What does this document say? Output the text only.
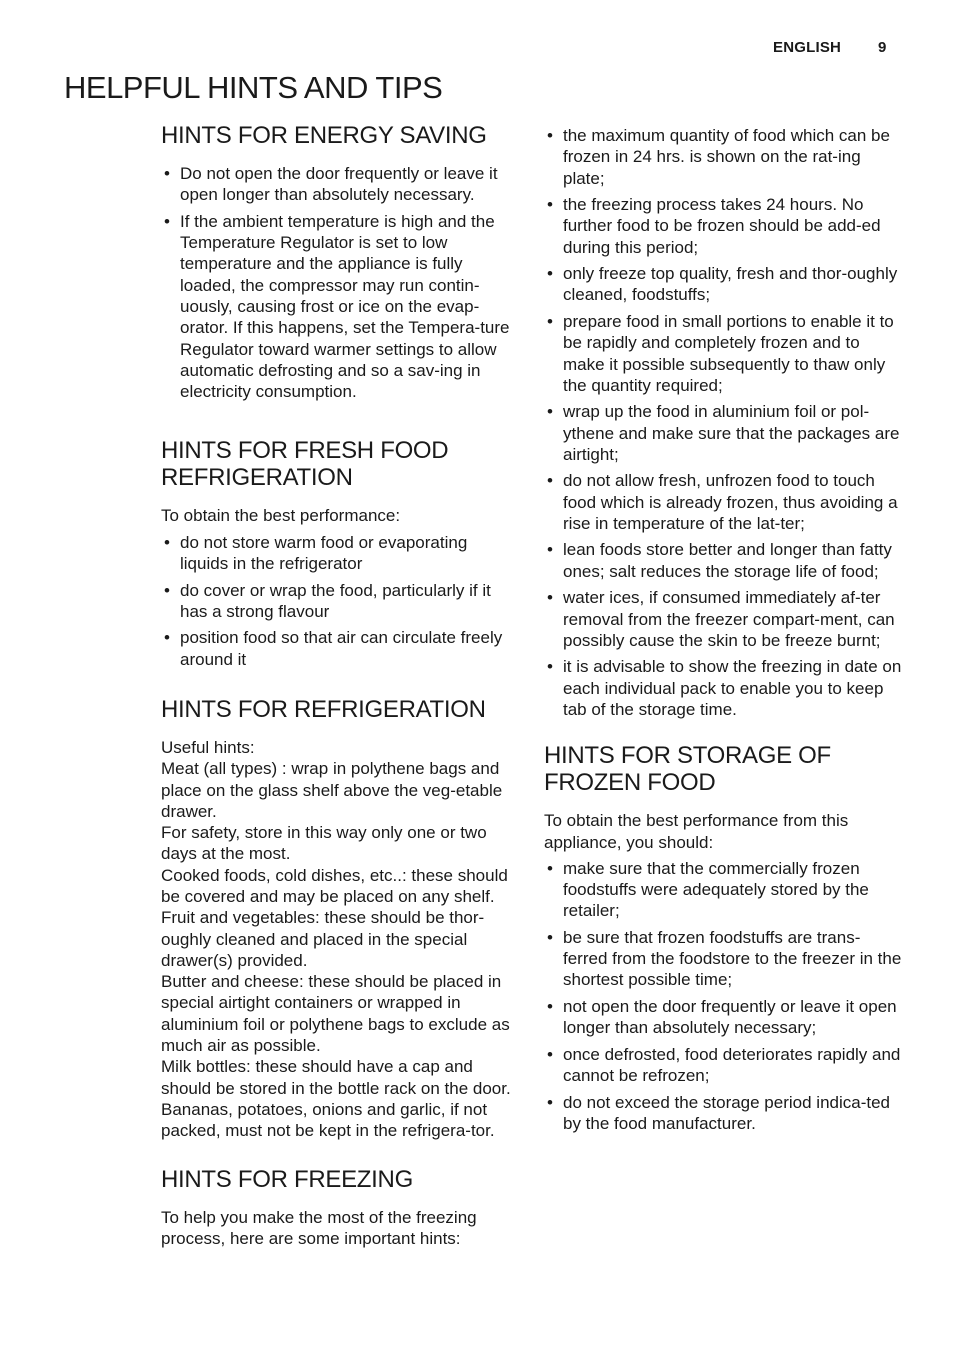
ENGLISH 9
HELPFUL HINTS AND TIPS
HINTS FOR ENERGY SAVING
• Do not open the door frequently or leave it open longer than absolutely necessary.
• If the ambient temperature is high and the Temperature Regulator is set to low temperature and the appliance is fully loaded, the compressor may run contin-uously, causing frost or ice on the evap-orator. If this happens, set the Tempera-ture Regulator toward warmer settings to allow automatic defrosting and so a sav-ing in electricity consumption.
HINTS FOR FRESH FOOD REFRIGERATION

To obtain the best performance:

• do not store warm food or evaporating liquids in the refrigerator
• do cover or wrap the food, particularly if it has a strong flavour
• position food so that air can circulate freely around it
HINTS FOR REFRIGERATION

Useful hints:

Meat (all types) : wrap in polythene bags and place on the glass shelf above the veg-etable drawer.

For safety, store in this way only one or two days at the most.

Cooked foods, cold dishes, etc..: these should be covered and may be placed on any shelf.

Fruit and vegetables: these should be thor-oughly cleaned and placed in the special drawer(s) provided.

Butter and cheese: these should be placed in special airtight containers or wrapped in aluminium foil or polythene bags to exclude as much air as possible.

Milk bottles: these should have a cap and should be stored in the bottle rack on the door.

Bananas, potatoes, onions and garlic, if not packed, must not be kept in the refrigera-tor.

HINTS FOR FREEZING

To help you make the most of the freezing process, here are some important hints:

• the maximum quantity of food which can be frozen in 24 hrs. is shown on the rat-ing plate;
• the freezing process takes 24 hours. No further food to be frozen should be add-ed during this period;
• only freeze top quality, fresh and thor-oughly cleaned, foodstuffs;
• prepare food in small portions to enable it to be rapidly and completely frozen and to make it possible subsequently to thaw only the quantity required;
• wrap up the food in aluminium foil or pol-ythene and make sure that the packages are airtight;
• do not allow fresh, unfrozen food to touch food which is already frozen, thus avoiding a rise in temperature of the lat-ter;
• lean foods store better and longer than fatty ones; salt reduces the storage life of food;
• water ices, if consumed immediately af-ter removal from the freezer compart-ment, can possibly cause the skin to be freeze burnt;
• it is advisable to show the freezing in date on each individual pack to enable you to keep tab of the storage time.
HINTS FOR STORAGE OF FROZEN FOOD

To obtain the best performance from this appliance, you should:

• make sure that the commercially frozen foodstuffs were adequately stored by the retailer;
• be sure that frozen foodstuffs are trans-ferred from the foodstore to the freezer in the shortest possible time;
• not open the door frequently or leave it open longer than absolutely necessary;
• once defrosted, food deteriorates rapidly and cannot be refrozen;
• do not exceed the storage period indica-ted by the food manufacturer.
